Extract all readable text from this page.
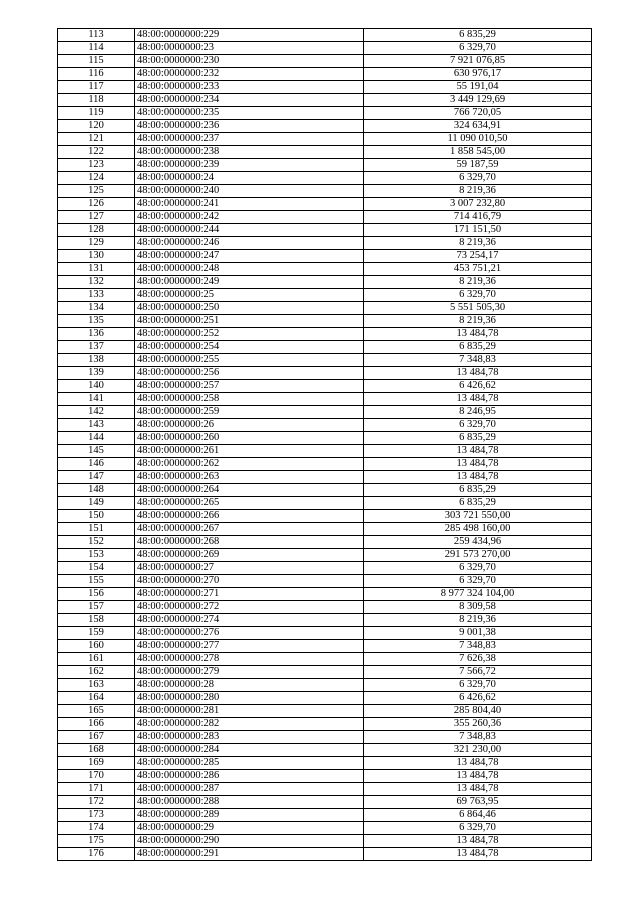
113	48:00:0000000:229	6 835,29
114	48:00:0000000:23	6 329,70
115	48:00:0000000:230	7 921 076,85
116	48:00:0000000:232	630 976,17
117	48:00:0000000:233	55 191,04
118	48:00:0000000:234	3 449 129,69
119	48:00:0000000:235	766 720,05
120	48:00:0000000:236	324 634,91
121	48:00:0000000:237	11 090 010,50
122	48:00:0000000:238	1 858 545,00
123	48:00:0000000:239	59 187,59
124	48:00:0000000:24	6 329,70
125	48:00:0000000:240	8 219,36
126	48:00:0000000:241	3 007 232,80
127	48:00:0000000:242	714 416,79
128	48:00:0000000:244	171 151,50
129	48:00:0000000:246	8 219,36
130	48:00:0000000:247	73 254,17
131	48:00:0000000:248	453 751,21
132	48:00:0000000:249	8 219,36
133	48:00:0000000:25	6 329,70
134	48:00:0000000:250	5 551 505,30
135	48:00:0000000:251	8 219,36
136	48:00:0000000:252	13 484,78
137	48:00:0000000:254	6 835,29
138	48:00:0000000:255	7 348,83
139	48:00:0000000:256	13 484,78
140	48:00:0000000:257	6 426,62
141	48:00:0000000:258	13 484,78
142	48:00:0000000:259	8 246,95
143	48:00:0000000:26	6 329,70
144	48:00:0000000:260	6 835,29
145	48:00:0000000:261	13 484,78
146	48:00:0000000:262	13 484,78
147	48:00:0000000:263	13 484,78
148	48:00:0000000:264	6 835,29
149	48:00:0000000:265	6 835,29
150	48:00:0000000:266	303 721 550,00
151	48:00:0000000:267	285 498 160,00
152	48:00:0000000:268	259 434,96
153	48:00:0000000:269	291 573 270,00
154	48:00:0000000:27	6 329,70
155	48:00:0000000:270	6 329,70
156	48:00:0000000:271	8 977 324 104,00
157	48:00:0000000:272	8 309,58
158	48:00:0000000:274	8 219,36
159	48:00:0000000:276	9 001,38
160	48:00:0000000:277	7 348,83
161	48:00:0000000:278	7 626,38
162	48:00:0000000:279	7 566,72
163	48:00:0000000:28	6 329,70
164	48:00:0000000:280	6 426,62
165	48:00:0000000:281	285 804,40
166	48:00:0000000:282	355 260,36
167	48:00:0000000:283	7 348,83
168	48:00:0000000:284	321 230,00
169	48:00:0000000:285	13 484,78
170	48:00:0000000:286	13 484,78
171	48:00:0000000:287	13 484,78
172	48:00:0000000:288	69 763,95
173	48:00:0000000:289	6 864,46
174	48:00:0000000:29	6 329,70
175	48:00:0000000:290	13 484,78
176	48:00:0000000:291	13 484,78
